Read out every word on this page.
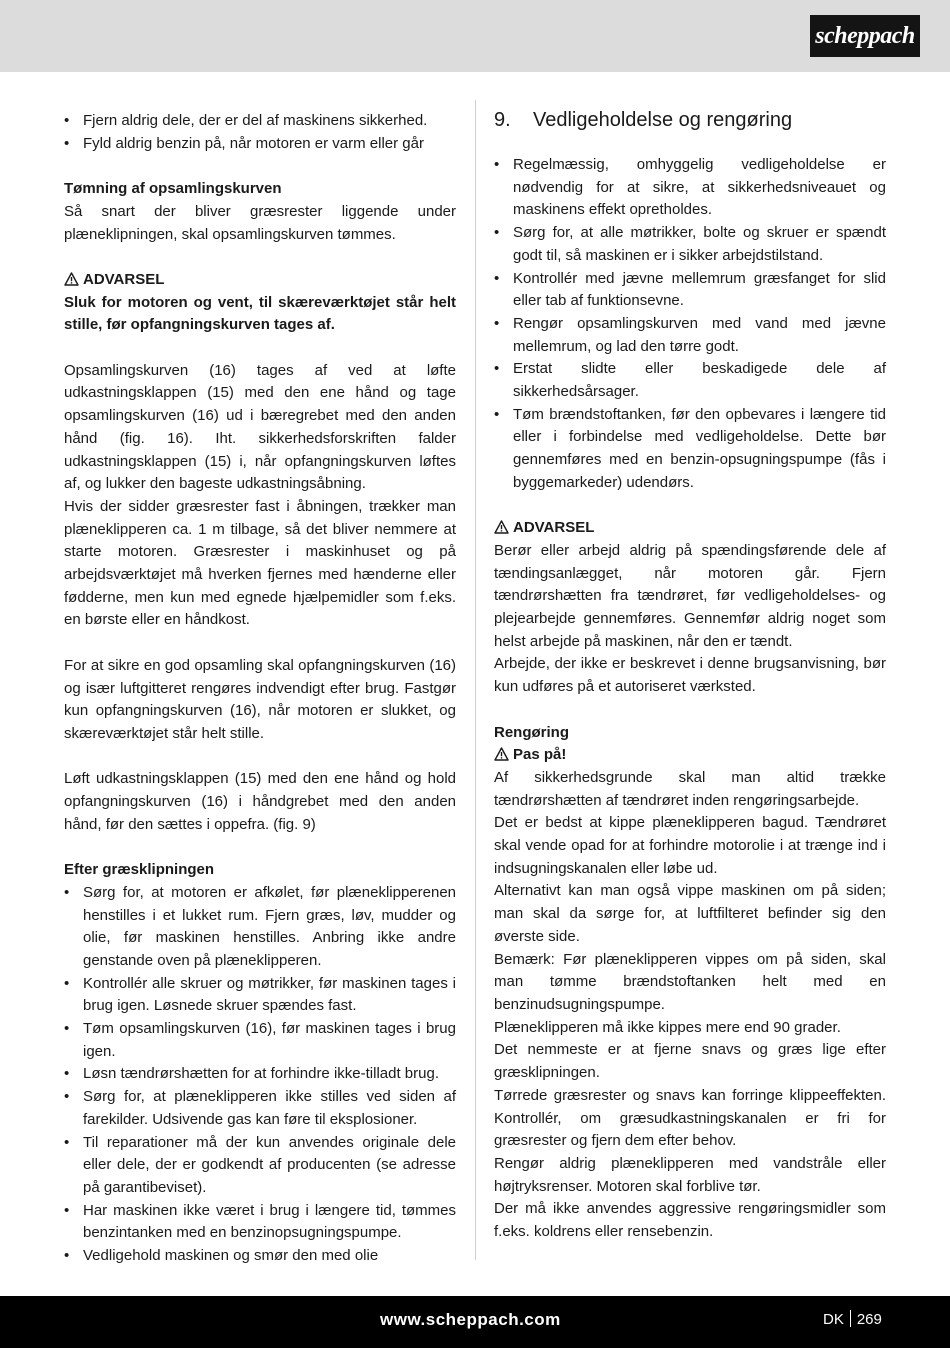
scheppach
• Fjern aldrig dele, der er del af maskinens sikkerhed.
• Fyld aldrig benzin på, når motoren er varm eller går

Tømning af opsamlingskurven

Så snart der bliver græsrester liggende under plæneklipningen, skal opsamlingskurven tømmes.

ADVARSEL

Sluk for motoren og vent, til skæreværktøjet står helt stille, før opfangningskurven tages af.

Opsamlingskurven (16) tages af ved at løfte udkastningsklappen (15) med den ene hånd og tage opsamlingskurven (16) ud i bæregrebet med den anden hånd (fig. 16). Iht. sikkerhedsforskriften falder udkastningsklappen (15) i, når opfangningskurven løftes af, og lukker den bageste udkastningsåbning.

Hvis der sidder græsrester fast i åbningen, trækker man plæneklipperen ca. 1 m tilbage, så det bliver nemmere at starte motoren. Græsrester i maskinhuset og på arbejdsværktøjet må hverken fjernes med hænderne eller fødderne, men kun med egnede hjælpemidler som f.eks. en børste eller en håndkost.

For at sikre en god opsamling skal opfangningskurven (16) og især luftgitteret rengøres indvendigt efter brug. Fastgør kun opfangningskurven (16), når motoren er slukket, og skæreværktøjet står helt stille.

Løft udkastningsklappen (15) med den ene hånd og hold opfangningskurven (16) i håndgrebet med den anden hånd, før den sættes i oppefra. (fig. 9)

Efter græsklipningen

• Sørg for, at motoren er afkølet, før plæneklipperenen henstilles i et lukket rum. Fjern græs, løv, mudder og olie, før maskinen henstilles. Anbring ikke andre genstande oven på plæneklipperen.
• Kontrollér alle skruer og møtrikker, før maskinen tages i brug igen. Løsnede skruer spændes fast.
• Tøm opsamlingskurven (16), før maskinen tages i brug igen.
• Løsn tændrørshætten for at forhindre ikke-tilladt brug.
• Sørg for, at plæneklipperen ikke stilles ved siden af farekilder. Udsivende gas kan føre til eksplosioner.
• Til reparationer må der kun anvendes originale dele eller dele, der er godkendt af producenten (se adresse på garantibeviset).
• Har maskinen ikke været i brug i længere tid, tømmes benzintanken med en benzinopsugningspumpe.
• Vedligehold maskinen og smør den med olie
9.	Vedligeholdelse og rengøring
• Regelmæssig, omhyggelig vedligeholdelse er nødvendig for at sikre, at sikkerhedsniveauet og maskinens effekt opretholdes.
• Sørg for, at alle møtrikker, bolte og skruer er spændt godt til, så maskinen er i sikker arbejdstilstand.
• Kontrollér med jævne mellemrum græsfanget for slid eller tab af funktionsevne.
• Rengør opsamlingskurven med vand med jævne mellemrum, og lad den tørre godt.
• Erstat slidte eller beskadigede dele af sikkerhedsårsager.
• Tøm brændstoftanken, før den opbevares i længere tid eller i forbindelse med vedligeholdelse. Dette bør gennemføres med en benzin-opsugningspumpe (fås i byggemarkeder) udendørs.

ADVARSEL

Berør eller arbejd aldrig på spændingsførende dele af tændingsanlægget, når motoren går. Fjern tændrørshætten fra tændrøret, før vedligeholdelses- og plejearbejde gennemføres. Gennemfør aldrig noget som helst arbejde på maskinen, når den er tændt.

Arbejde, der ikke er beskrevet i denne brugsanvisning, bør kun udføres på et autoriseret værksted.

Rengøring

Pas på!

Af sikkerhedsgrunde skal man altid trække tændrørshætten af tændrøret inden rengøringsarbejde.

Det er bedst at kippe plæneklipperen bagud. Tændrøret skal vende opad for at forhindre motorolie i at trænge ind i indsugningskanalen eller løbe ud.

Alternativt kan man også vippe maskinen om på siden; man skal da sørge for, at luftfilteret befinder sig den øverste side.

Bemærk: Før plæneklipperen vippes om på siden, skal man tømme brændstoftanken helt med en benzinudsugningspumpe.

Plæneklipperen må ikke kippes mere end 90 grader.

Det nemmeste er at fjerne snavs og græs lige efter græsklipningen.

Tørrede græsrester og snavs kan forringe klippeeffekten. Kontrollér, om græsudkastningskanalen er fri for græsrester og fjern dem efter behov.

Rengør aldrig plæneklipperen med vandstråle eller højtryksrenser. Motoren skal forblive tør.

Der må ikke anvendes aggressive rengøringsmidler som f.eks. koldrens eller rensebenzin.

www.scheppach.com	DK 269
